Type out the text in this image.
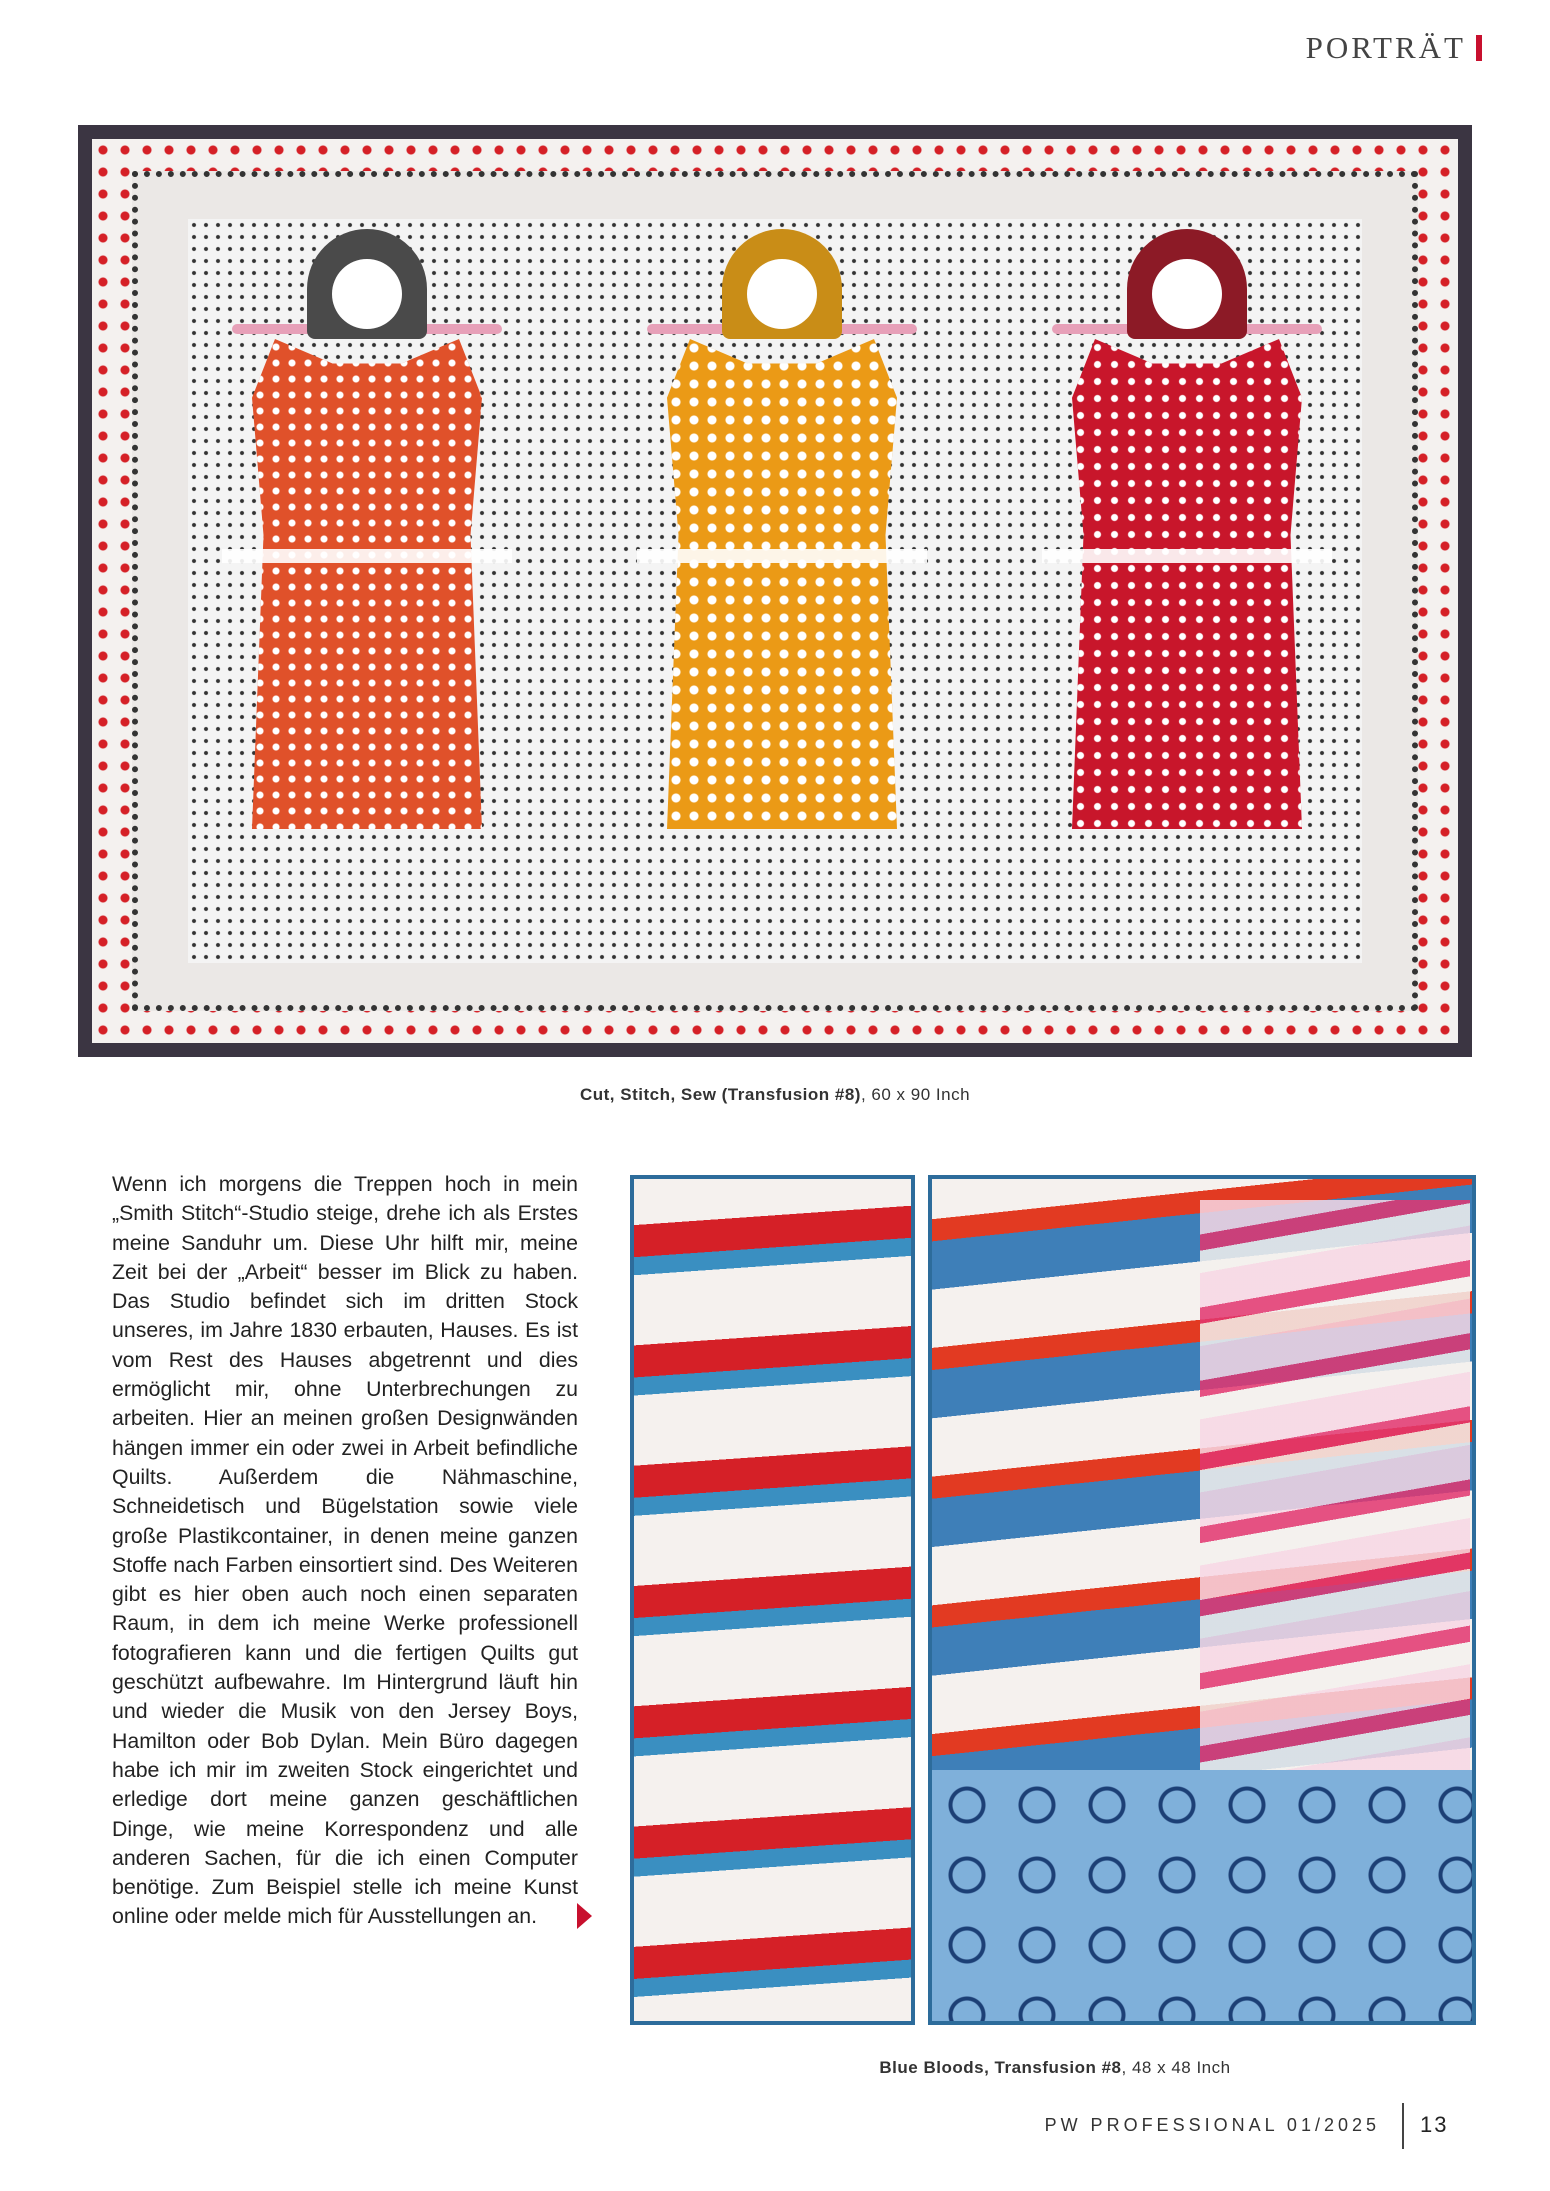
PORTRÄT
Cut, Stitch, Sew (Transfusion #8), 60 x 90 Inch
Wenn ich morgens die Treppen hoch in mein „Smith Stitch“-Studio steige, drehe ich als Erstes meine Sanduhr um. Diese Uhr hilft mir, meine Zeit bei der „Arbeit“ besser im Blick zu haben. Das Studio befindet sich im dritten Stock unseres, im Jahre 1830 erbauten, Hauses. Es ist vom Rest des Hauses abgetrennt und dies ermöglicht mir, ohne Unterbrechungen zu arbeiten. Hier an meinen großen Designwänden hängen immer ein oder zwei in Arbeit befindliche Quilts. Außerdem die Nähmaschine, Schneidetisch und Bügelstation sowie viele große Plastikcontainer, in denen meine ganzen Stoffe nach Farben einsortiert sind. Des Weiteren gibt es hier oben auch noch einen separaten Raum, in dem ich meine Werke professionell fotografieren kann und die fertigen Quilts gut geschützt aufbewahre. Im Hintergrund läuft hin und wieder die Musik von den Jersey Boys, Hamilton oder Bob Dylan. Mein Büro dagegen habe ich mir im zweiten Stock eingerichtet und erledige dort meine ganzen geschäftlichen Dinge, wie meine Korrespondenz und alle anderen Sachen, für die ich einen Computer benötige. Zum Beispiel stelle ich meine Kunst online oder melde mich für Ausstellungen an.
Blue Bloods, Transfusion #8, 48 x 48 Inch
PW PROFESSIONAL 01/2025 13
